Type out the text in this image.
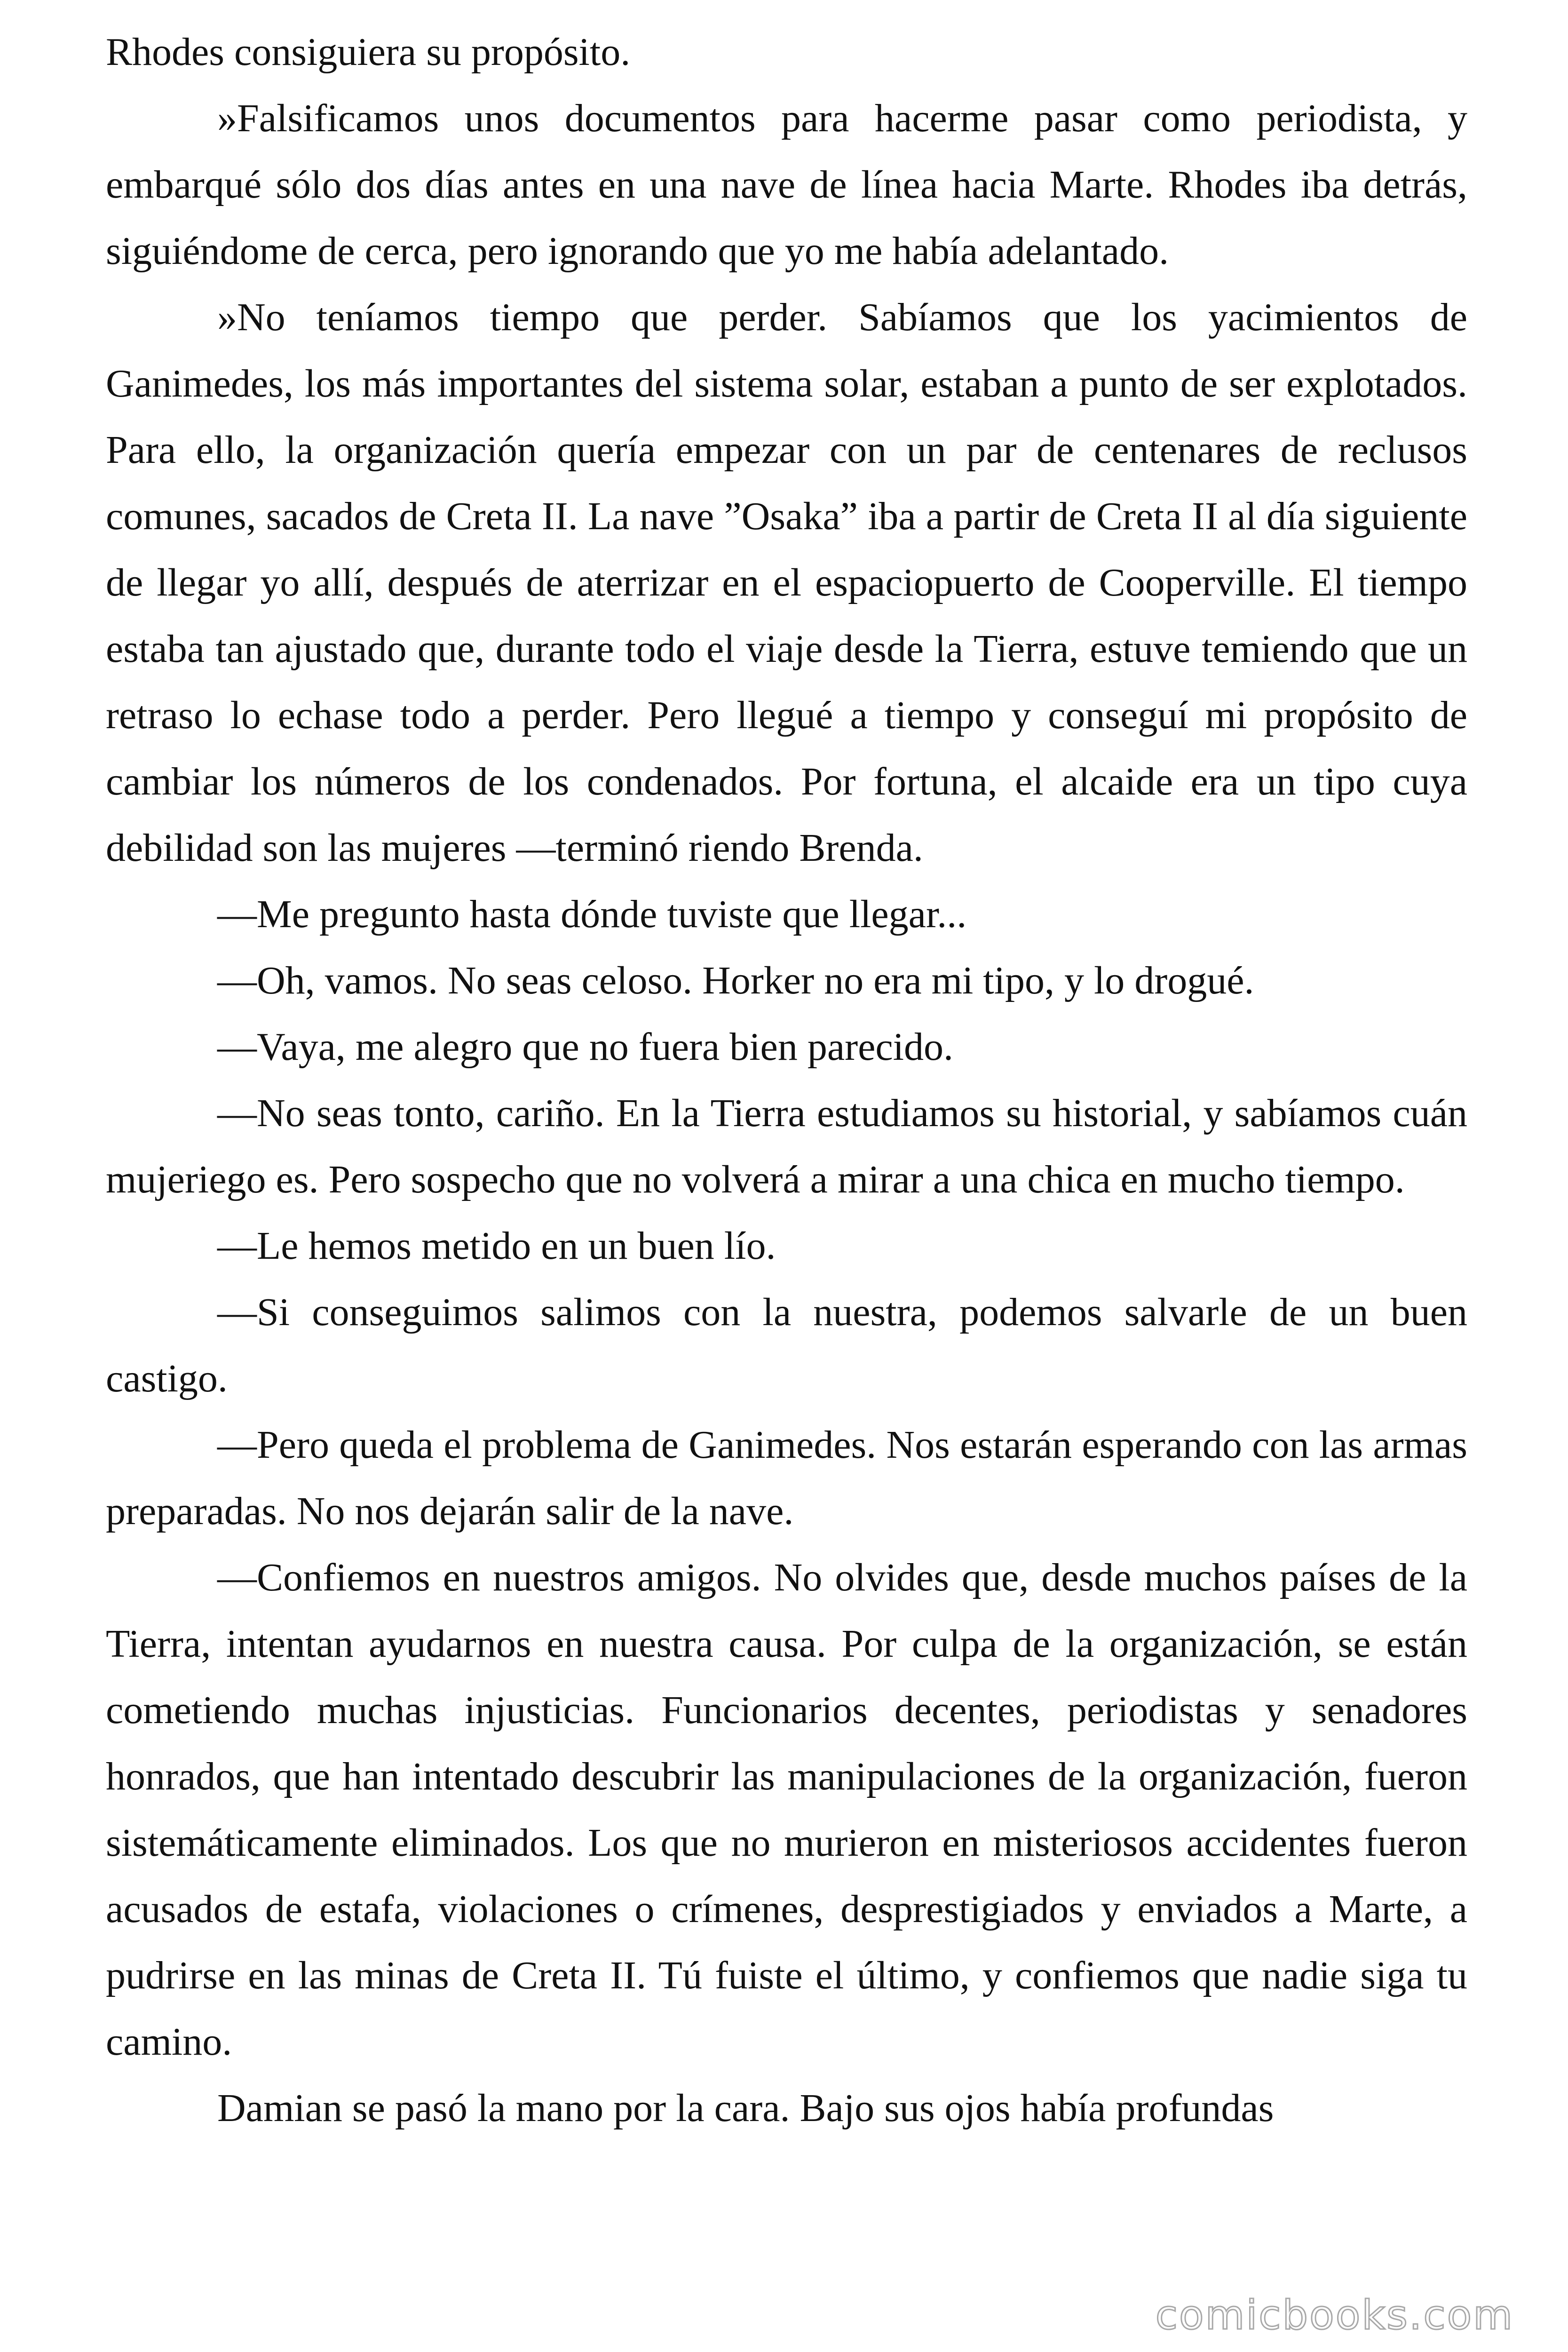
Rhodes consiguiera su propósito.

»Falsificamos unos documentos para hacerme pasar como periodista, y embarqué sólo dos días antes en una nave de línea hacia Marte. Rhodes iba detrás, siguiéndome de cerca, pero ignorando que yo me había adelantado.

»No teníamos tiempo que perder. Sabíamos que los yacimientos de Ganimedes, los más importantes del sistema solar, estaban a punto de ser explotados. Para ello, la organización quería empezar con un par de centenares de reclusos comunes, sacados de Creta II. La nave ”Osaka” iba a partir de Creta II al día siguiente de llegar yo allí, después de aterrizar en el espaciopuerto de Cooperville. El tiempo estaba tan ajustado que, durante todo el viaje desde la Tierra, estuve temiendo que un retraso lo echase todo a perder. Pero llegué a tiempo y conseguí mi propósito de cambiar los números de los condenados. Por fortuna, el alcaide era un tipo cuya debilidad son las mujeres —terminó riendo Brenda.

—Me pregunto hasta dónde tuviste que llegar...

—Oh, vamos. No seas celoso. Horker no era mi tipo, y lo drogué.

—Vaya, me alegro que no fuera bien parecido.

—No seas tonto, cariño. En la Tierra estudiamos su historial, y sabíamos cuán mujeriego es. Pero sospecho que no volverá a mirar a una chica en mucho tiempo.

—Le hemos metido en un buen lío.

—Si conseguimos salimos con la nuestra, podemos salvarle de un buen castigo.

—Pero queda el problema de Ganimedes. Nos estarán esperando con las armas preparadas. No nos dejarán salir de la nave.

—Confiemos en nuestros amigos. No olvides que, desde muchos países de la Tierra, intentan ayudarnos en nuestra causa. Por culpa de la organización, se están cometiendo muchas injusticias. Funcionarios decentes, periodistas y senadores honrados, que han intentado descubrir las manipulaciones de la organización, fueron sistemáticamente eliminados. Los que no murieron en misteriosos accidentes fueron acusados de estafa, violaciones o crímenes, desprestigiados y enviados a Marte, a pudrirse en las minas de Creta II. Tú fuiste el último, y confiemos que nadie siga tu camino.

Damian se pasó la mano por la cara. Bajo sus ojos había profundas

comicbooks.com
